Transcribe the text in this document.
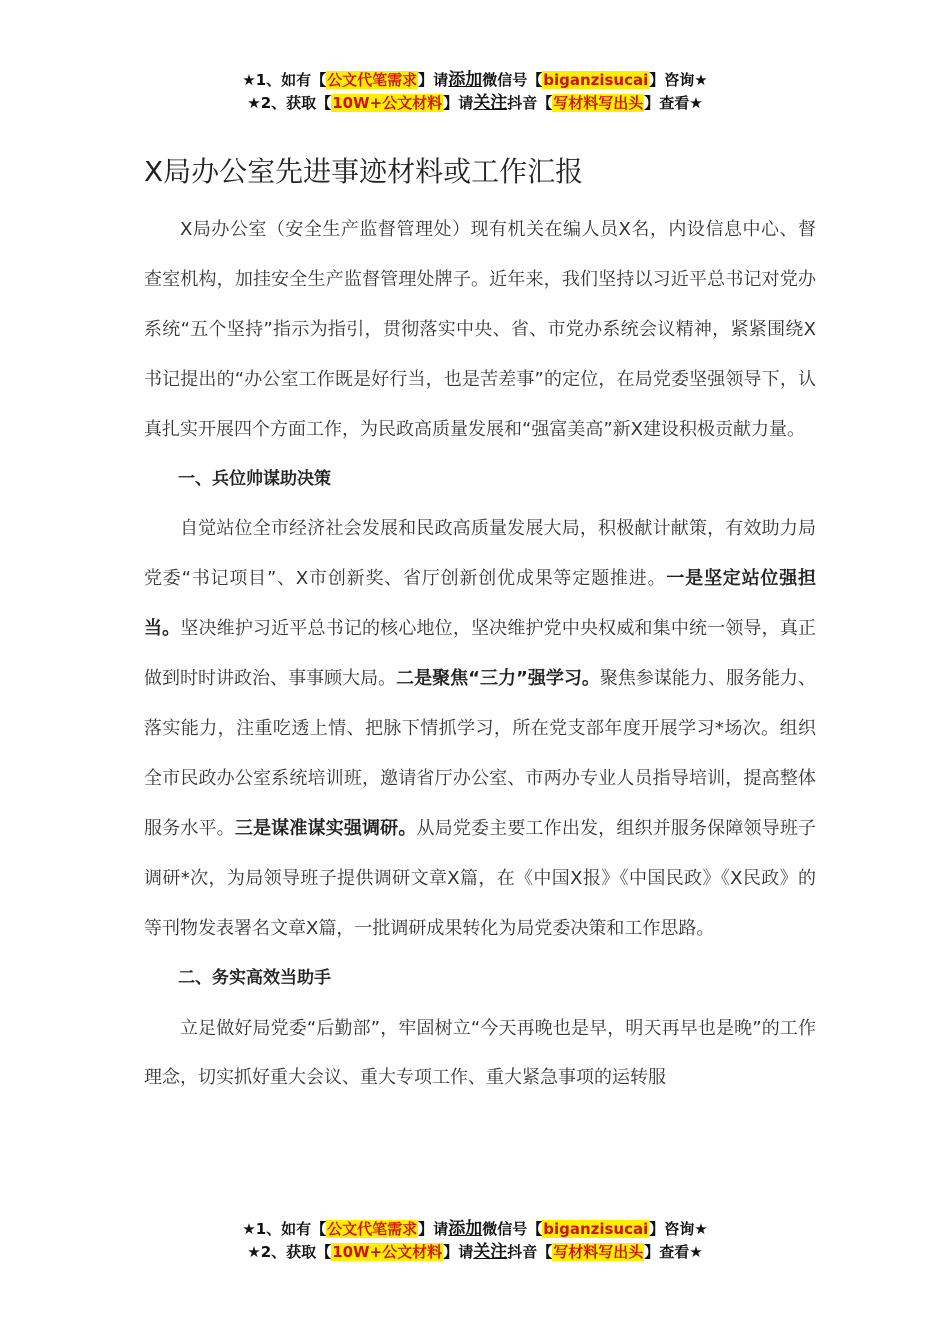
★1、如有【公文代笔需求】请添加微信号【biganzisucai】咨询★
★2、获取【10W+公文材料】请关注抖音【写材料写出头】查看★
X局办公室先进事迹材料或工作汇报

X局办公室（安全生产监督管理处）现有机关在编人员X名，内设信息中心、督查室机构，加挂安全生产监督管理处牌子。近年来，我们坚持以习近平总书记对党办系统“五个坚持”指示为指引，贯彻落实中央、省、市党办系统会议精神，紧紧围绕X书记提出的“办公室工作既是好行当，也是苦差事”的定位，在局党委坚强领导下，认真扎实开展四个方面工作，为民政高质量发展和“强富美高”新X建设积极贡献力量。

一、兵位帅谋助决策

自觉站位全市经济社会发展和民政高质量发展大局，积极献计献策，有效助力局党委“书记项目”、X市创新奖、省厅创新创优成果等定题推进。一是坚定站位强担当。坚决维护习近平总书记的核心地位，坚决维护党中央权威和集中统一领导，真正做到时时讲政治、事事顾大局。二是聚焦“三力”强学习。聚焦参谋能力、服务能力、落实能力，注重吃透上情、把脉下情抓学习，所在党支部年度开展学习*场次。组织全市民政办公室系统培训班，邀请省厅办公室、市两办专业人员指导培训，提高整体服务水平。三是谋准谋实强调研。从局党委主要工作出发，组织并服务保障领导班子调研*次，为局领导班子提供调研文章X篇，在《中国X报》《中国民政》《X民政》的等刊物发表署名文章X篇，一批调研成果转化为局党委决策和工作思路。

二、务实高效当助手

立足做好局党委“后勤部”，牢固树立“今天再晚也是早，明天再早也是晚”的工作理念，切实抓好重大会议、重大专项工作、重大紧急事项的运转服

★1、如有【公文代笔需求】请添加微信号【biganzisucai】咨询★
★2、获取【10W+公文材料】请关注抖音【写材料写出头】查看★
